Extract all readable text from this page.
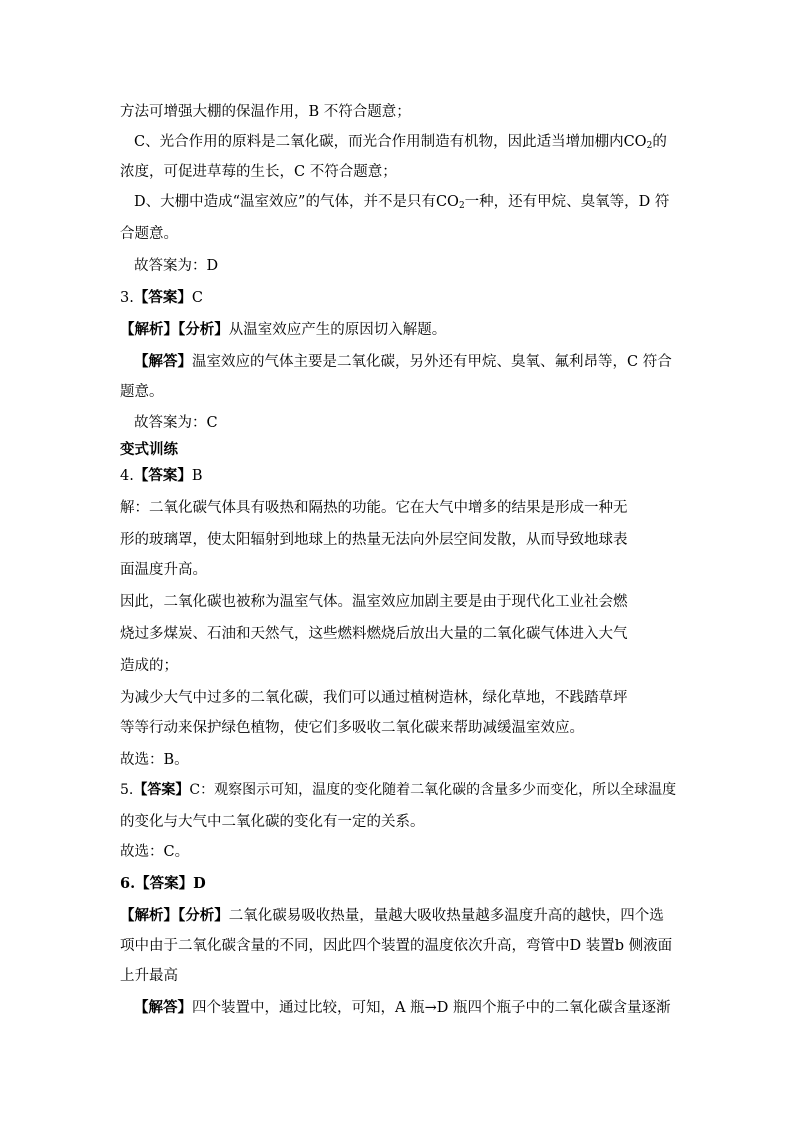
方法可增强大棚的保温作用，B 不符合题意；
C、光合作用的原料是二氧化碳，而光合作用制造有机物，因此适当增加棚内$CO_2$的
浓度，可促进草莓的生长，C 不符合题意；
D、大棚中造成“温室效应”的气体，并不是只有$CO_2$一种，还有甲烷、臭氧等，D 符
合题意。
故答案为：D
3.【答案】C
【解析】【分析】从温室效应产生的原因切入解题。
【解答】温室效应的气体主要是二氧化碳，另外还有甲烷、臭氧、氟利昂等，C 符合
题意。
故答案为：C
变式训练
4.【答案】B
解：二氧化碳气体具有吸热和隔热的功能。它在大气中增多的结果是形成一种无
形的玻璃罩，使太阳辐射到地球上的热量无法向外层空间发散，从而导致地球表
面温度升高。
因此，二氧化碳也被称为温室气体。温室效应加剧主要是由于现代化工业社会燃
烧过多煤炭、石油和天然气，这些燃料燃烧后放出大量的二氧化碳气体进入大气
造成的；
为减少大气中过多的二氧化碳，我们可以通过植树造林，绿化草地，不践踏草坪
等等行动来保护绿色植物，使它们多吸收二氧化碳来帮助减缓温室效应。
故选：B。
5.【答案】C：观察图示可知，温度的变化随着二氧化碳的含量多少而变化，所以全球温度
的变化与大气中二氧化碳的变化有一定的关系。
故选：C。
6.【答案】D
【解析】【分析】二氧化碳易吸收热量，量越大吸收热量越多温度升高的越快，四个选
项中由于二氧化碳含量的不同，因此四个装置的温度依次升高，弯管中D 装置b 侧液面
上升最高
【解答】四个装置中，通过比较，可知，A 瓶→D 瓶四个瓶子中的二氧化碳含量逐渐
